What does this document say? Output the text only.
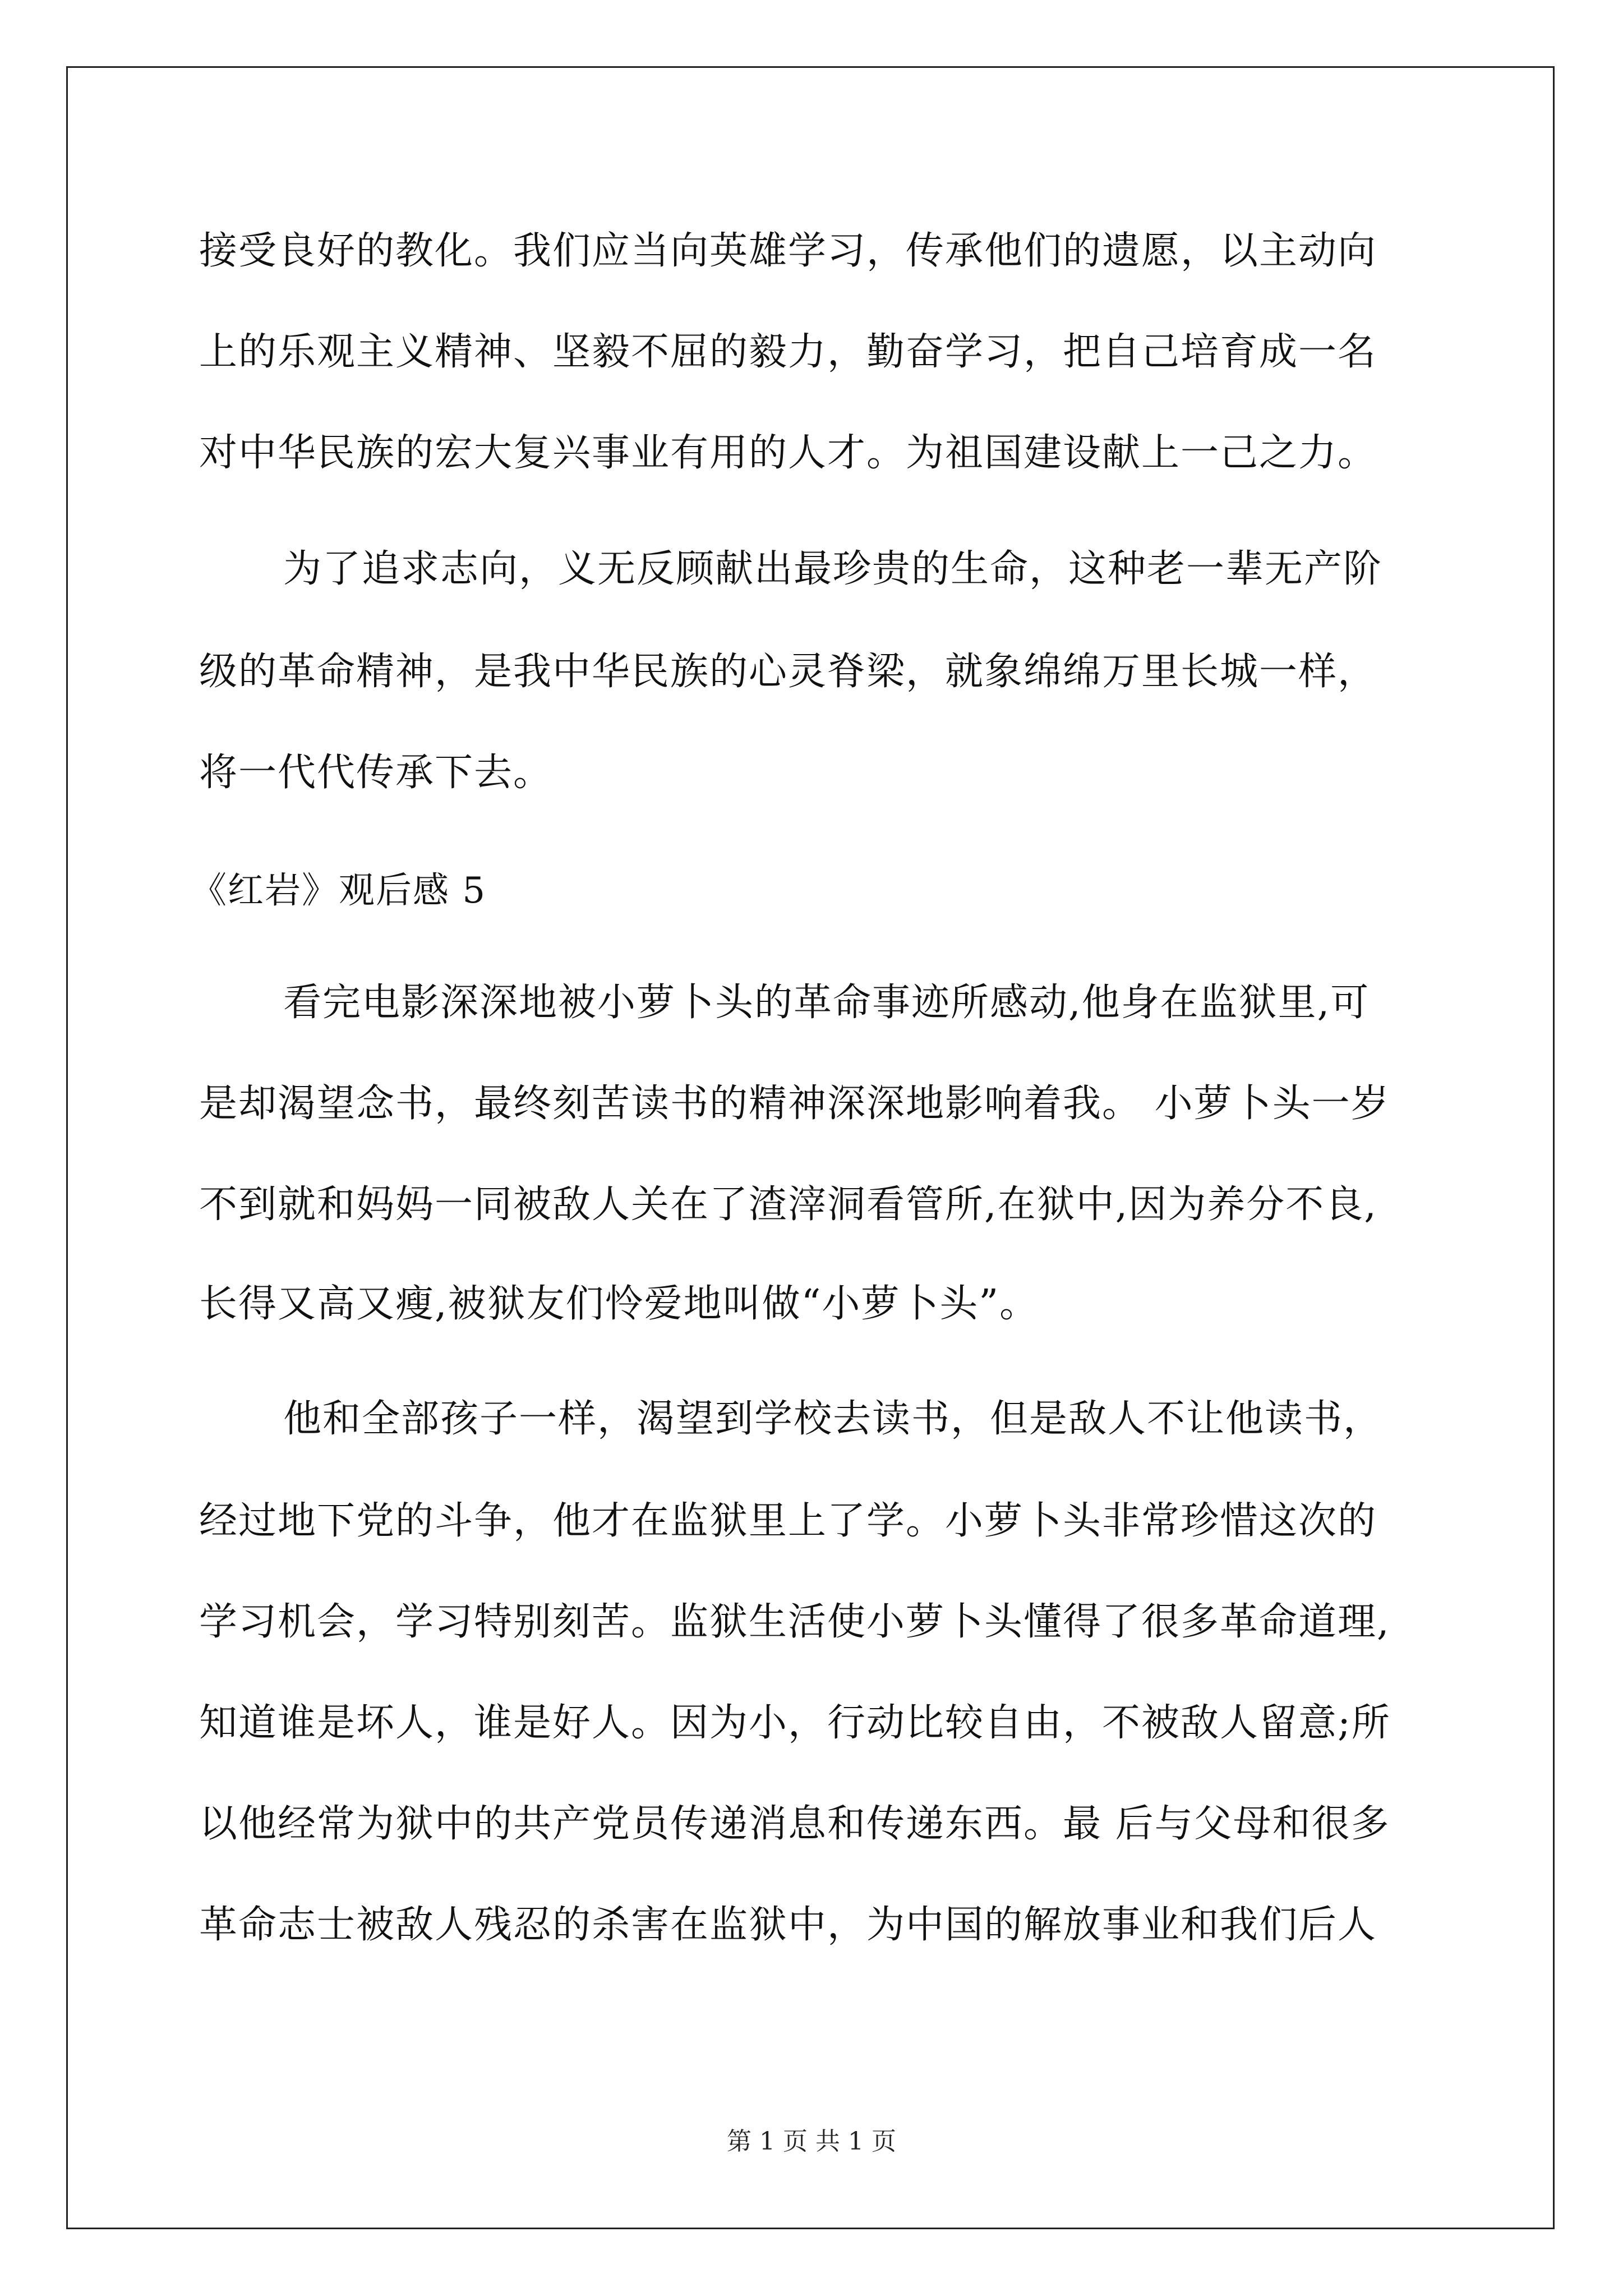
接受良好的教化。我们应当向英雄学习，传承他们的遗愿，以主动向
上的乐观主义精神、坚毅不屈的毅力，勤奋学习，把自己培育成一名
对中华民族的宏大复兴事业有用的人才。为祖国建设献上一己之力。
为了追求志向，义无反顾献出最珍贵的生命，这种老一辈无产阶
级的革命精神，是我中华民族的心灵脊梁，就象绵绵万里长城一样，
将一代代传承下去。
《红岩》观后感 5
看完电影深深地被小萝卜头的革命事迹所感动,他身在监狱里,可
是却渴望念书，最终刻苦读书的精神深深地影响着我。 小萝卜头一岁
不到就和妈妈一同被敌人关在了渣滓洞看管所,在狱中,因为养分不良,
长得又高又瘦,被狱友们怜爱地叫做“小萝卜头”。
他和全部孩子一样，渴望到学校去读书，但是敌人不让他读书，
经过地下党的斗争，他才在监狱里上了学。小萝卜头非常珍惜这次的
学习机会，学习特别刻苦。监狱生活使小萝卜头懂得了很多革命道理,
知道谁是坏人，谁是好人。因为小，行动比较自由，不被敌人留意;所
以他经常为狱中的共产党员传递消息和传递东西。最 后与父母和很多
革命志士被敌人残忍的杀害在监狱中，为中国的解放事业和我们后人
第 1 页 共 1 页
